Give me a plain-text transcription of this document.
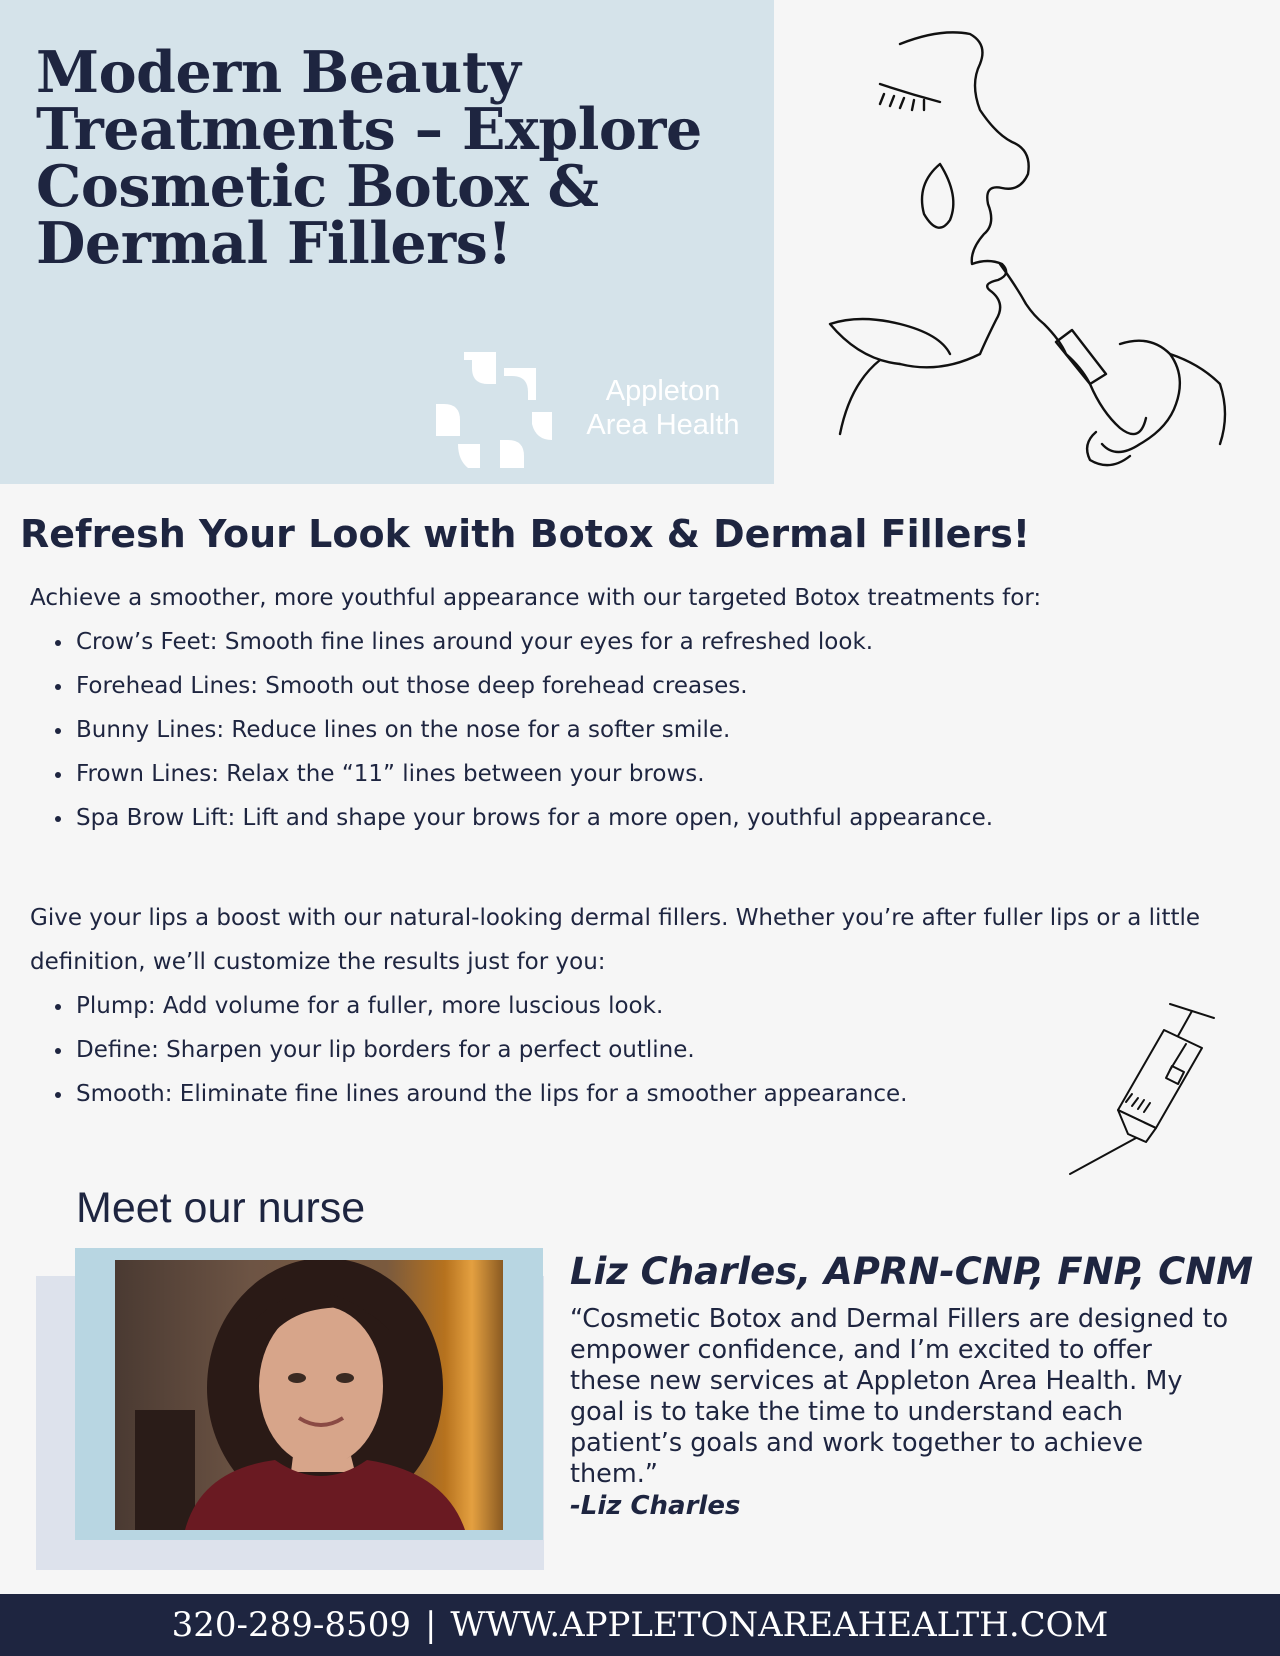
Modern Beauty Treatments – Explore Cosmetic Botox & Dermal Fillers!
Appleton
Area Health
Refresh Your Look with Botox & Dermal Fillers!

Achieve a smoother, more youthful appearance with our targeted Botox treatments for:

Crow’s Feet: Smooth fine lines around your eyes for a refreshed look.
Forehead Lines: Smooth out those deep forehead creases.
Bunny Lines: Reduce lines on the nose for a softer smile.
Frown Lines: Relax the “11” lines between your brows.
Spa Brow Lift: Lift and shape your brows for a more open, youthful appearance.

Give your lips a boost with our natural-looking dermal fillers. Whether you’re after fuller lips or a little definition, we’ll customize the results just for you:

Plump: Add volume for a fuller, more luscious look.
Define: Sharpen your lip borders for a perfect outline.
Smooth: Eliminate fine lines around the lips for a smoother appearance.
Meet our nurse
Liz Charles, APRN-CNP, FNP, CNM

“Cosmetic Botox and Dermal Fillers are designed to empower confidence, and I’m excited to offer these new services at Appleton Area Health. My goal is to take the time to understand each patient’s goals and work together to achieve them.”

-Liz Charles

320-289-8509 | WWW.APPLETONAREAHEALTH.COM
